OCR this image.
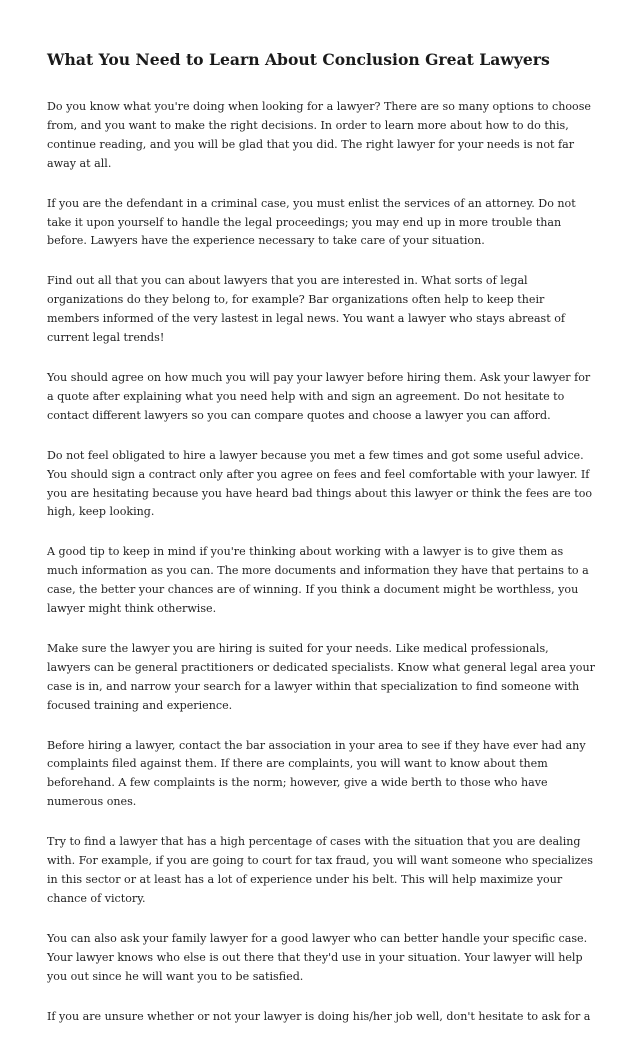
What You Need to Learn About Conclusion Great Lawyers

Do you know what you're doing when looking for a lawyer? There are so many options to choose from, and you want to make the right decisions. In order to learn more about how to do this, continue reading, and you will be glad that you did. The right lawyer for your needs is not far away at all.

If you are the defendant in a criminal case, you must enlist the services of an attorney. Do not take it upon yourself to handle the legal proceedings; you may end up in more trouble than before. Lawyers have the experience necessary to take care of your situation.

Find out all that you can about lawyers that you are interested in. What sorts of legal organizations do they belong to, for example? Bar organizations often help to keep their members informed of the very lastest in legal news. You want a lawyer who stays abreast of current legal trends!

You should agree on how much you will pay your lawyer before hiring them. Ask your lawyer for a quote after explaining what you need help with and sign an agreement. Do not hesitate to contact different lawyers so you can compare quotes and choose a lawyer you can afford.

Do not feel obligated to hire a lawyer because you met a few times and got some useful advice. You should sign a contract only after you agree on fees and feel comfortable with your lawyer. If you are hesitating because you have heard bad things about this lawyer or think the fees are too high, keep looking.

A good tip to keep in mind if you're thinking about working with a lawyer is to give them as much information as you can. The more documents and information they have that pertains to a case, the better your chances are of winning. If you think a document might be worthless, you lawyer might think otherwise.

Make sure the lawyer you are hiring is suited for your needs. Like medical professionals, lawyers can be general practitioners or dedicated specialists. Know what general legal area your case is in, and narrow your search for a lawyer within that specialization to find someone with focused training and experience.

Before hiring a lawyer, contact the bar association in your area to see if they have ever had any complaints filed against them. If there are complaints, you will want to know about them beforehand. A few complaints is the norm; however, give a wide berth to those who have numerous ones.

Try to find a lawyer that has a high percentage of cases with the situation that you are dealing with. For example, if you are going to court for tax fraud, you will want someone who specializes in this sector or at least has a lot of experience under his belt. This will help maximize your chance of victory.

You can also ask your family lawyer for a good lawyer who can better handle your specific case. Your lawyer knows who else is out there that they'd use in your situation. Your lawyer will help you out since he will want you to be satisfied.

If you are unsure whether or not your lawyer is doing his/her job well, don't hesitate to ask for a
